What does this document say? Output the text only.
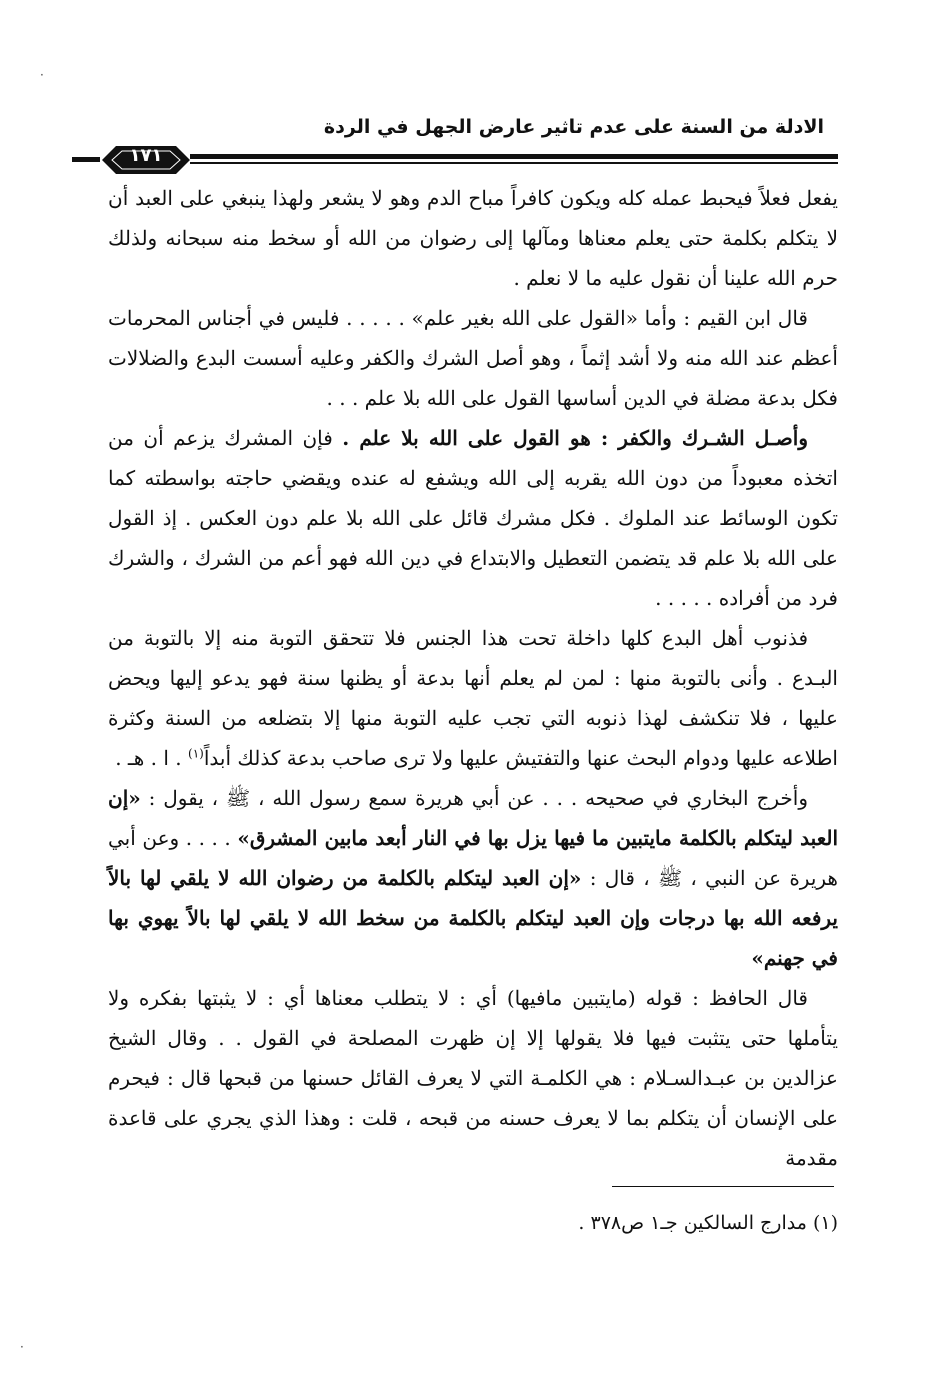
·
·
الادلة من السنة على عدم تاثير عارض الجهل في الردة
١٧١

يفعل فعلاً فيحبط عمله كله ويكون كافراً مباح الدم وهو لا يشعر ولهذا ينبغي على العبد أن لا يتكلم بكلمة حتى يعلم معناها ومآلها إلى رضوان من الله أو سخط منه سبحانه ولذلك حرم الله علينا أن نقول عليه ما لا نعلم .

قال ابن القيم : وأما «القول على الله بغير علم» . . . . . فليس في أجناس المحرمات أعظم عند الله منه ولا أشد إثماً ، وهو أصل الشرك والكفر وعليه أسست البدع والضلالات فكل بدعة مضلة في الدين أساسها القول على الله بلا علم . . .

وأصـل الشـرك والكفر : هو القول على الله بلا علم . فإن المشرك يزعم أن من اتخذه معبوداً من دون الله يقربه إلى الله ويشفع له عنده ويقضي حاجته بواسطته كما تكون الوسائط عند الملوك . فكل مشرك قائل على الله بلا علم دون العكس . إذ القول على الله بلا علم قد يتضمن التعطيل والابتداع في دين الله فهو أعم من الشرك ، والشرك فرد من أفراده . . . . .

فذنوب أهل البدع كلها داخلة تحت هذا الجنس فلا تتحقق التوبة منه إلا بالتوبة من البـدع . وأنى بالتوبة منها : لمن لم يعلم أنها بدعة أو يظنها سنة فهو يدعو إليها ويحض عليها ، فلا تنكشف لهذا ذنوبه التي تجب عليه التوبة منها إلا بتضلعه من السنة وكثرة اطلاعه عليها ودوام البحث عنها والتفتيش عليها ولا ترى صاحب بدعة كذلك أبداً$^{(١)}$ . ا . هـ .

وأخرج البخاري في صحيحه . . . عن أبي هريرة سمع رسول الله ، ﷺ ، يقول : «إن العبد ليتكلم بالكلمة مايتبين ما فيها يزل بها في النار أبعد مابين المشرق» . . . . وعن أبي هريرة عن النبي ، ﷺ ، قال : «إن العبد ليتكلم بالكلمة من رضوان الله لا يلقي لها بالاً يرفعه الله بها درجات وإن العبد ليتكلم بالكلمة من سخط الله لا يلقي لها بالاً يهوي بها في جهنم»

قال الحافظ : قوله (مايتبين مافيها) أي : لا يتطلب معناها أي : لا يثبتها بفكره ولا يتأملها حتى يتثبت فيها فلا يقولها إلا إن ظهرت المصلحة في القول . . وقال الشيخ عزالدين بن عبـدالسـلام : هي الكلمـة التي لا يعرف القائل حسنها من قبحها قال : فيحرم على الإنسان أن يتكلم بما لا يعرف حسنه من قبحه ، قلت : وهذا الذي يجري على قاعدة مقدمة

(١) مدارج السالكين جـ١ ص٣٧٨ .
